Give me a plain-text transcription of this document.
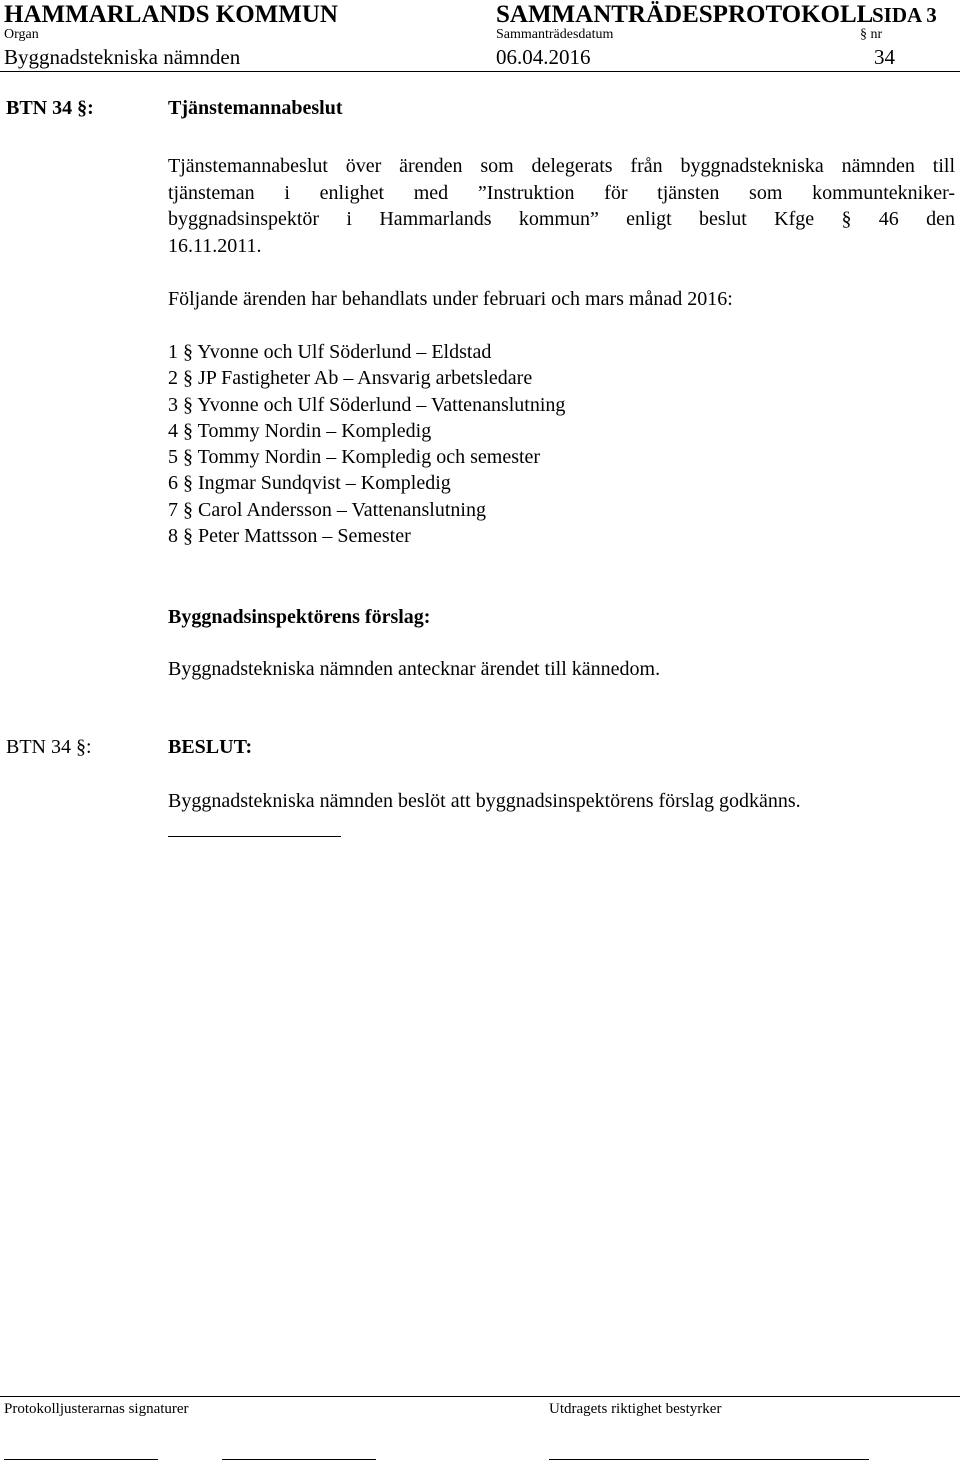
HAMMARLANDS KOMMUN	SAMMANTRÄDESPROTOKOLL
SIDA 3
Organ	Sammanträdesdatum	§ nr
Byggnadstekniska nämnden	06.04.2016	34
BTN 34 §:	Tjänstemannabeslut
Tjänstemannabeslut över ärenden som delegerats från byggnadstekniska nämnden till
tjänsteman i enlighet med ”Instruktion för tjänsten som kommuntekniker-
byggnadsinspektör i Hammarlands kommun” enligt beslut Kfge § 46 den
16.11.2011.
Följande ärenden har behandlats under februari och mars månad 2016:
1 § Yvonne och Ulf Söderlund – Eldstad
2 § JP Fastigheter Ab – Ansvarig arbetsledare
3 § Yvonne och Ulf Söderlund – Vattenanslutning
4 § Tommy Nordin – Kompledig
5 § Tommy Nordin – Kompledig och semester
6 § Ingmar Sundqvist – Kompledig
7 § Carol Andersson – Vattenanslutning
8 § Peter Mattsson – Semester
Byggnadsinspektörens förslag:
Byggnadstekniska nämnden antecknar ärendet till kännedom.
BTN 34 §:	BESLUT:
Byggnadstekniska nämnden beslöt att byggnadsinspektörens förslag godkänns.
Protokolljusterarnas signaturer	Utdragets riktighet bestyrker
